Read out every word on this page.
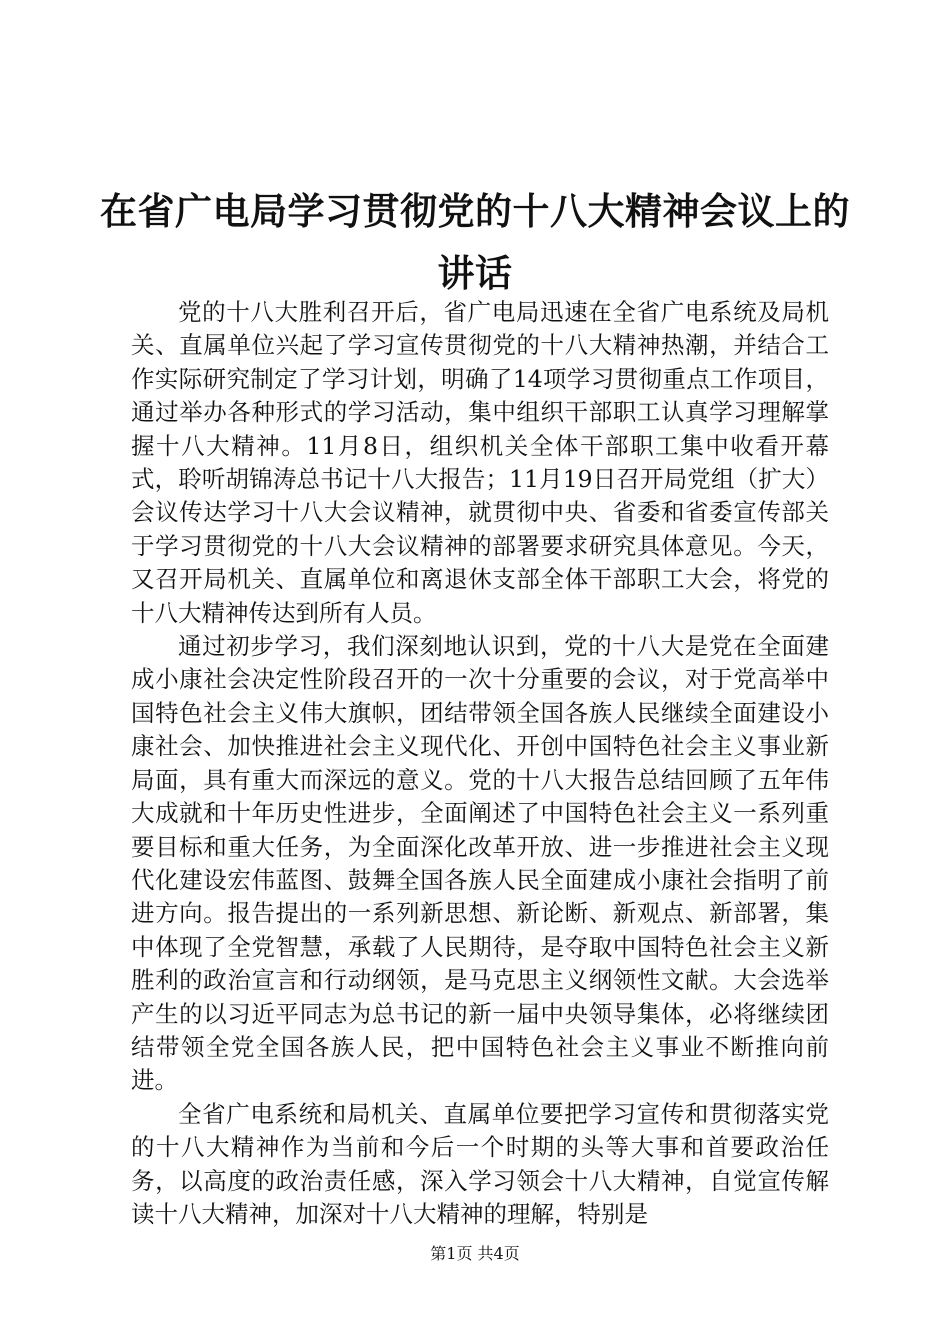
在省广电局学习贯彻党的十八大精神会议上的讲话

党的十八大胜利召开后，省广电局迅速在全省广电系统及局机关、直属单位兴起了学习宣传贯彻党的十八大精神热潮，并结合工作实际研究制定了学习计划，明确了14项学习贯彻重点工作项目，通过举办各种形式的学习活动，集中组织干部职工认真学习理解掌握十八大精神。11月8日，组织机关全体干部职工集中收看开幕式，聆听胡锦涛总书记十八大报告；11月19日召开局党组（扩大）会议传达学习十八大会议精神，就贯彻中央、省委和省委宣传部关于学习贯彻党的十八大会议精神的部署要求研究具体意见。今天，又召开局机关、直属单位和离退休支部全体干部职工大会，将党的十八大精神传达到所有人员。

通过初步学习，我们深刻地认识到，党的十八大是党在全面建成小康社会决定性阶段召开的一次十分重要的会议，对于党高举中国特色社会主义伟大旗帜，团结带领全国各族人民继续全面建设小康社会、加快推进社会主义现代化、开创中国特色社会主义事业新局面，具有重大而深远的意义。党的十八大报告总结回顾了五年伟大成就和十年历史性进步，全面阐述了中国特色社会主义一系列重要目标和重大任务，为全面深化改革开放、进一步推进社会主义现代化建设宏伟蓝图、鼓舞全国各族人民全面建成小康社会指明了前进方向。报告提出的一系列新思想、新论断、新观点、新部署，集中体现了全党智慧，承载了人民期待，是夺取中国特色社会主义新胜利的政治宣言和行动纲领，是马克思主义纲领性文献。大会选举产生的以习近平同志为总书记的新一届中央领导集体，必将继续团结带领全党全国各族人民，把中国特色社会主义事业不断推向前进。

全省广电系统和局机关、直属单位要把学习宣传和贯彻落实党的十八大精神作为当前和今后一个时期的头等大事和首要政治任务，以高度的政治责任感，深入学习领会十八大精神，自觉宣传解读十八大精神，加深对十八大精神的理解，特别是

第1页 共4页
